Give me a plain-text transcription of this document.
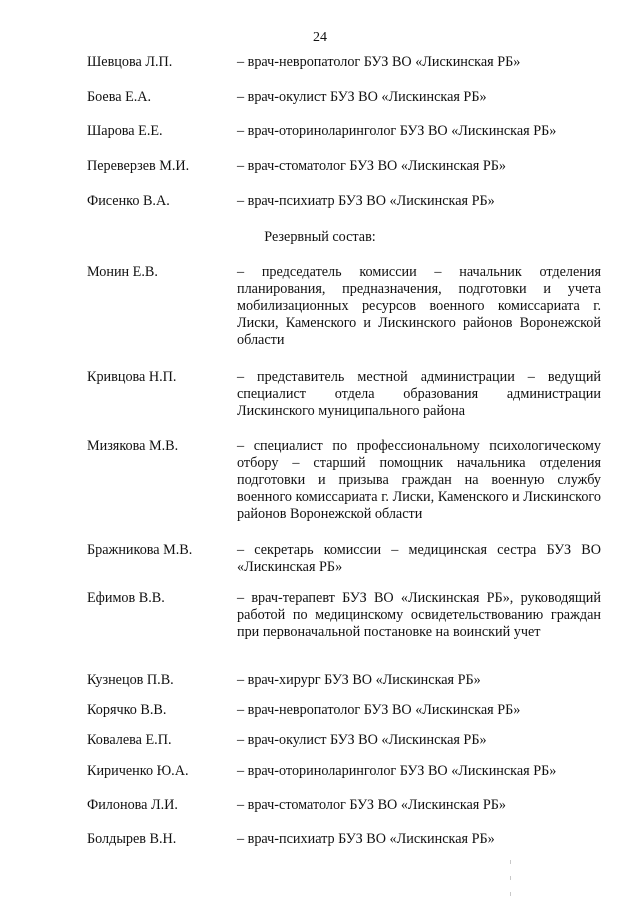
24
Шевцова Л.П.	– врач-невропатолог БУЗ ВО «Лискинская РБ»
Боева Е.А.	– врач-окулист БУЗ ВО «Лискинская РБ»
Шарова Е.Е.	– врач-оториноларинголог БУЗ ВО «Лискинская РБ»
Переверзев М.И.	– врач-стоматолог БУЗ ВО «Лискинская РБ»
Фисенко В.А.	– врач-психиатр БУЗ ВО «Лискинская РБ»
Резервный состав:
Монин Е.В.	– председатель комиссии – начальник отделения планирования, предназначения, подготовки и учета мобилизационных ресурсов военного комиссариата г. Лиски, Каменского и Лискинского районов Воронежской области
Кривцова Н.П.	– представитель местной администрации – ведущий специалист отдела образования администрации Лискинского муниципального района
Мизякова М.В.	– специалист по профессиональному психологическому отбору – старший помощник начальника отделения подготовки и призыва граждан на военную службу военного комиссариата г. Лиски, Каменского и Лискинского районов Воронежской области
Бражникова М.В.	– секретарь комиссии – медицинская сестра БУЗ ВО «Лискинская РБ»
Ефимов В.В.	– врач-терапевт БУЗ ВО «Лискинская РБ», руководящий работой по медицинскому освидетельствованию граждан при первоначальной постановке на воинский учет
Кузнецов П.В.	– врач-хирург БУЗ ВО «Лискинская РБ»
Корячко В.В.	– врач-невропатолог БУЗ ВО «Лискинская РБ»
Ковалева Е.П.	– врач-окулист БУЗ ВО «Лискинская РБ»
Кириченко Ю.А.	– врач-оториноларинголог БУЗ ВО «Лискинская РБ»
Филонова Л.И.	– врач-стоматолог БУЗ ВО «Лискинская РБ»
Болдырев В.Н.	– врач-психиатр БУЗ ВО «Лискинская РБ»
